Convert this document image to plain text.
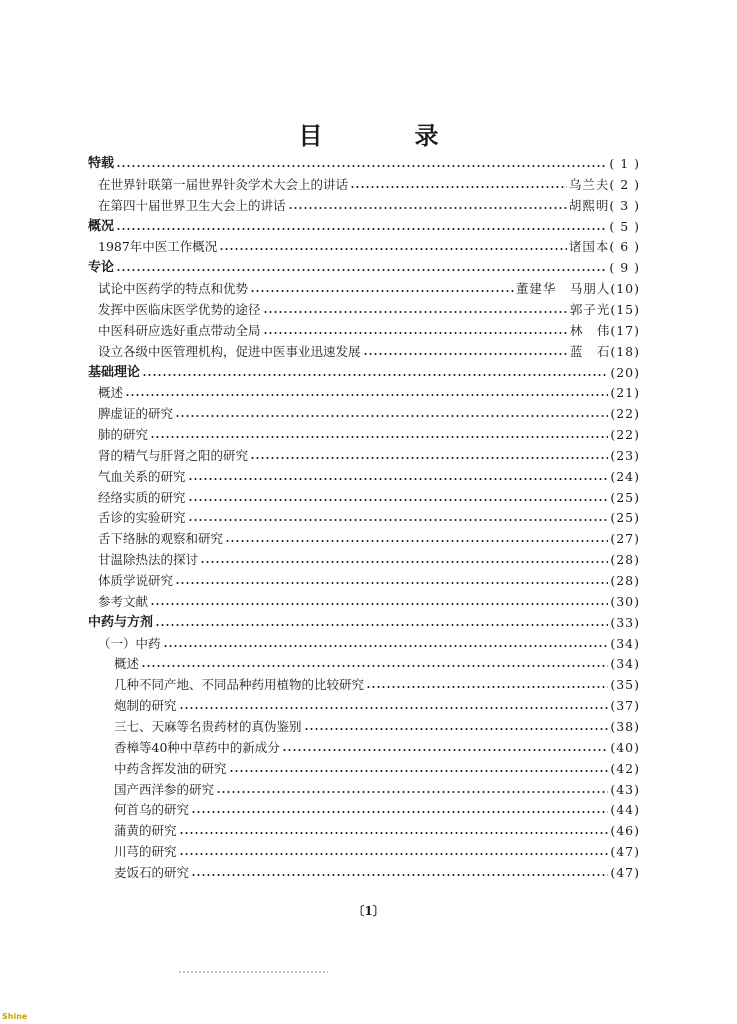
目　录
特载	( 1 )
在世界针联第一届世界针灸学术大会上的讲话	乌兰夫 ( 2 )
在第四十届世界卫生大会上的讲话	胡熙明 ( 3 )
概况	( 5 )
1987年中医工作概况	诸国本 ( 6 )
专论	( 9 )
试论中医药学的特点和优势	董建华　马朋人 (10)
发挥中医临床医学优势的途径	郭子光 (15)
中医科研应选好重点带动全局	林　伟 (17)
设立各级中医管理机构，促进中医事业迅速发展	蓝　石 (18)
基础理论	(20)
概述	(21)
脾虚证的研究	(22)
肺的研究	(22)
肾的精气与肝肾之阳的研究	(23)
气血关系的研究	(24)
经络实质的研究	(25)
舌诊的实验研究	(25)
舌下络脉的观察和研究	(27)
甘温除热法的探讨	(28)
体质学说研究	(28)
参考文献	(30)
中药与方剂	(33)
（一）中药	(34)
概述	(34)
几种不同产地、不同品种药用植物的比较研究	(35)
炮制的研究	(37)
三七、天麻等名贵药材的真伪鉴别	(38)
香樟等40种中草药中的新成分	(40)
中药含挥发油的研究	(42)
国产西洋参的研究	(43)
何首乌的研究	(44)
蒲黄的研究	(46)
川芎的研究	(47)
麦饭石的研究	(47)
〔1〕
Shine
